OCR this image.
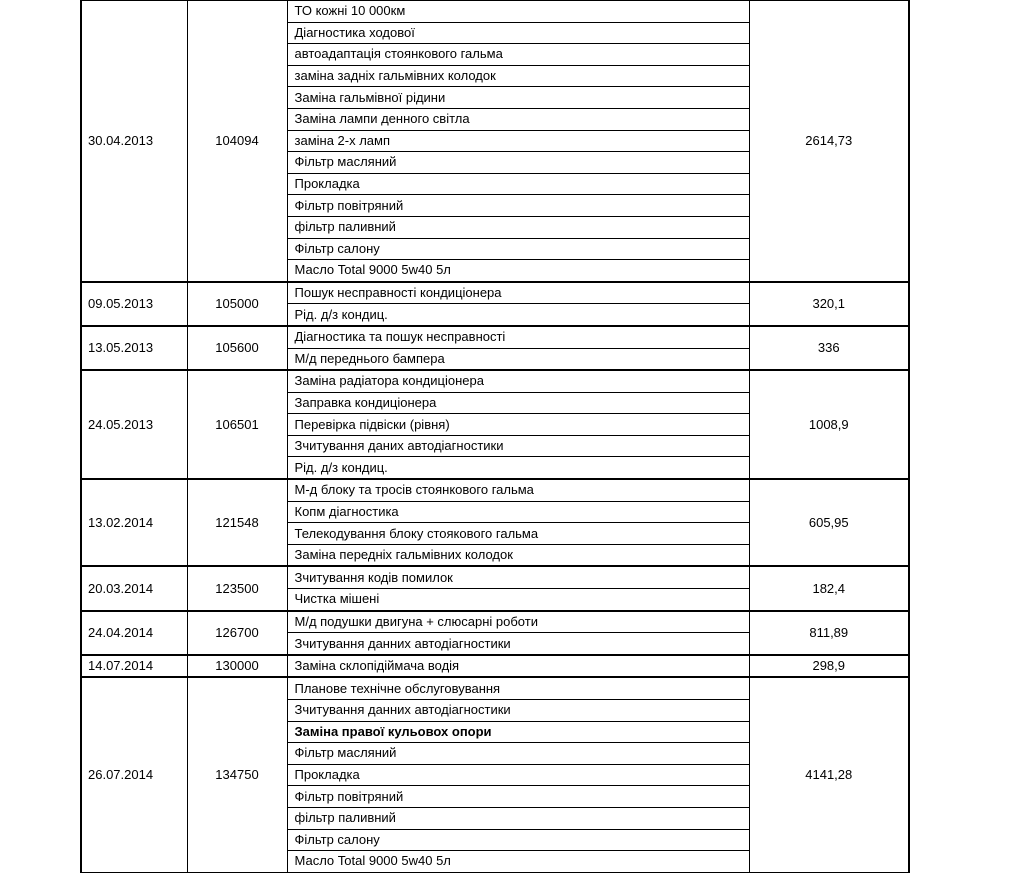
30.04.2013	104094	ТО кожні 10 000км	2614,73
		Діагностика ходової	
		автоадаптація стоянкового гальма	
		заміна задніх гальмівних колодок	
		Заміна гальмівної рідини	
		Заміна лампи денного світла	
		заміна 2-х ламп	
		Фільтр масляний	
		Прокладка	
		Фільтр повітряний	
		фільтр паливний	
		Фільтр салону	
		Масло Total 9000 5w40 5л	
09.05.2013	105000	Пошук несправності кондиціонера	320,1
		Рід. д/з кондиц.	
13.05.2013	105600	Діагностика та пошук несправності	336
		М/д переднього бампера	
24.05.2013	106501	Заміна радіатора кондиціонера	1008,9
		Заправка кондиціонера	
		Перевірка підвіски (рівня)	
		Зчитування даних автодіагностики	
		Рід. д/з кондиц.	
13.02.2014	121548	М-д блоку та тросів стоянкового гальма	605,95
		Копм діагностика	
		Телекодування блоку стоякового гальма	
		Заміна передніх гальмівних колодок	
20.03.2014	123500	Зчитування кодів помилок	182,4
		Чистка мішені	
24.04.2014	126700	М/д подушки двигуна + слюсарні роботи	811,89
		Зчитування данних автодіагностики	
14.07.2014	130000	Заміна склопідіймача водія	298,9
26.07.2014	134750	Планове технічне обслуговування	4141,28
		Зчитування данних автодіагностики	
		Заміна правої кульовох опори	
		Фільтр масляний	
		Прокладка	
		Фільтр повітряний	
		фільтр паливний	
		Фільтр салону	
		Масло Total 9000 5w40 5л	
